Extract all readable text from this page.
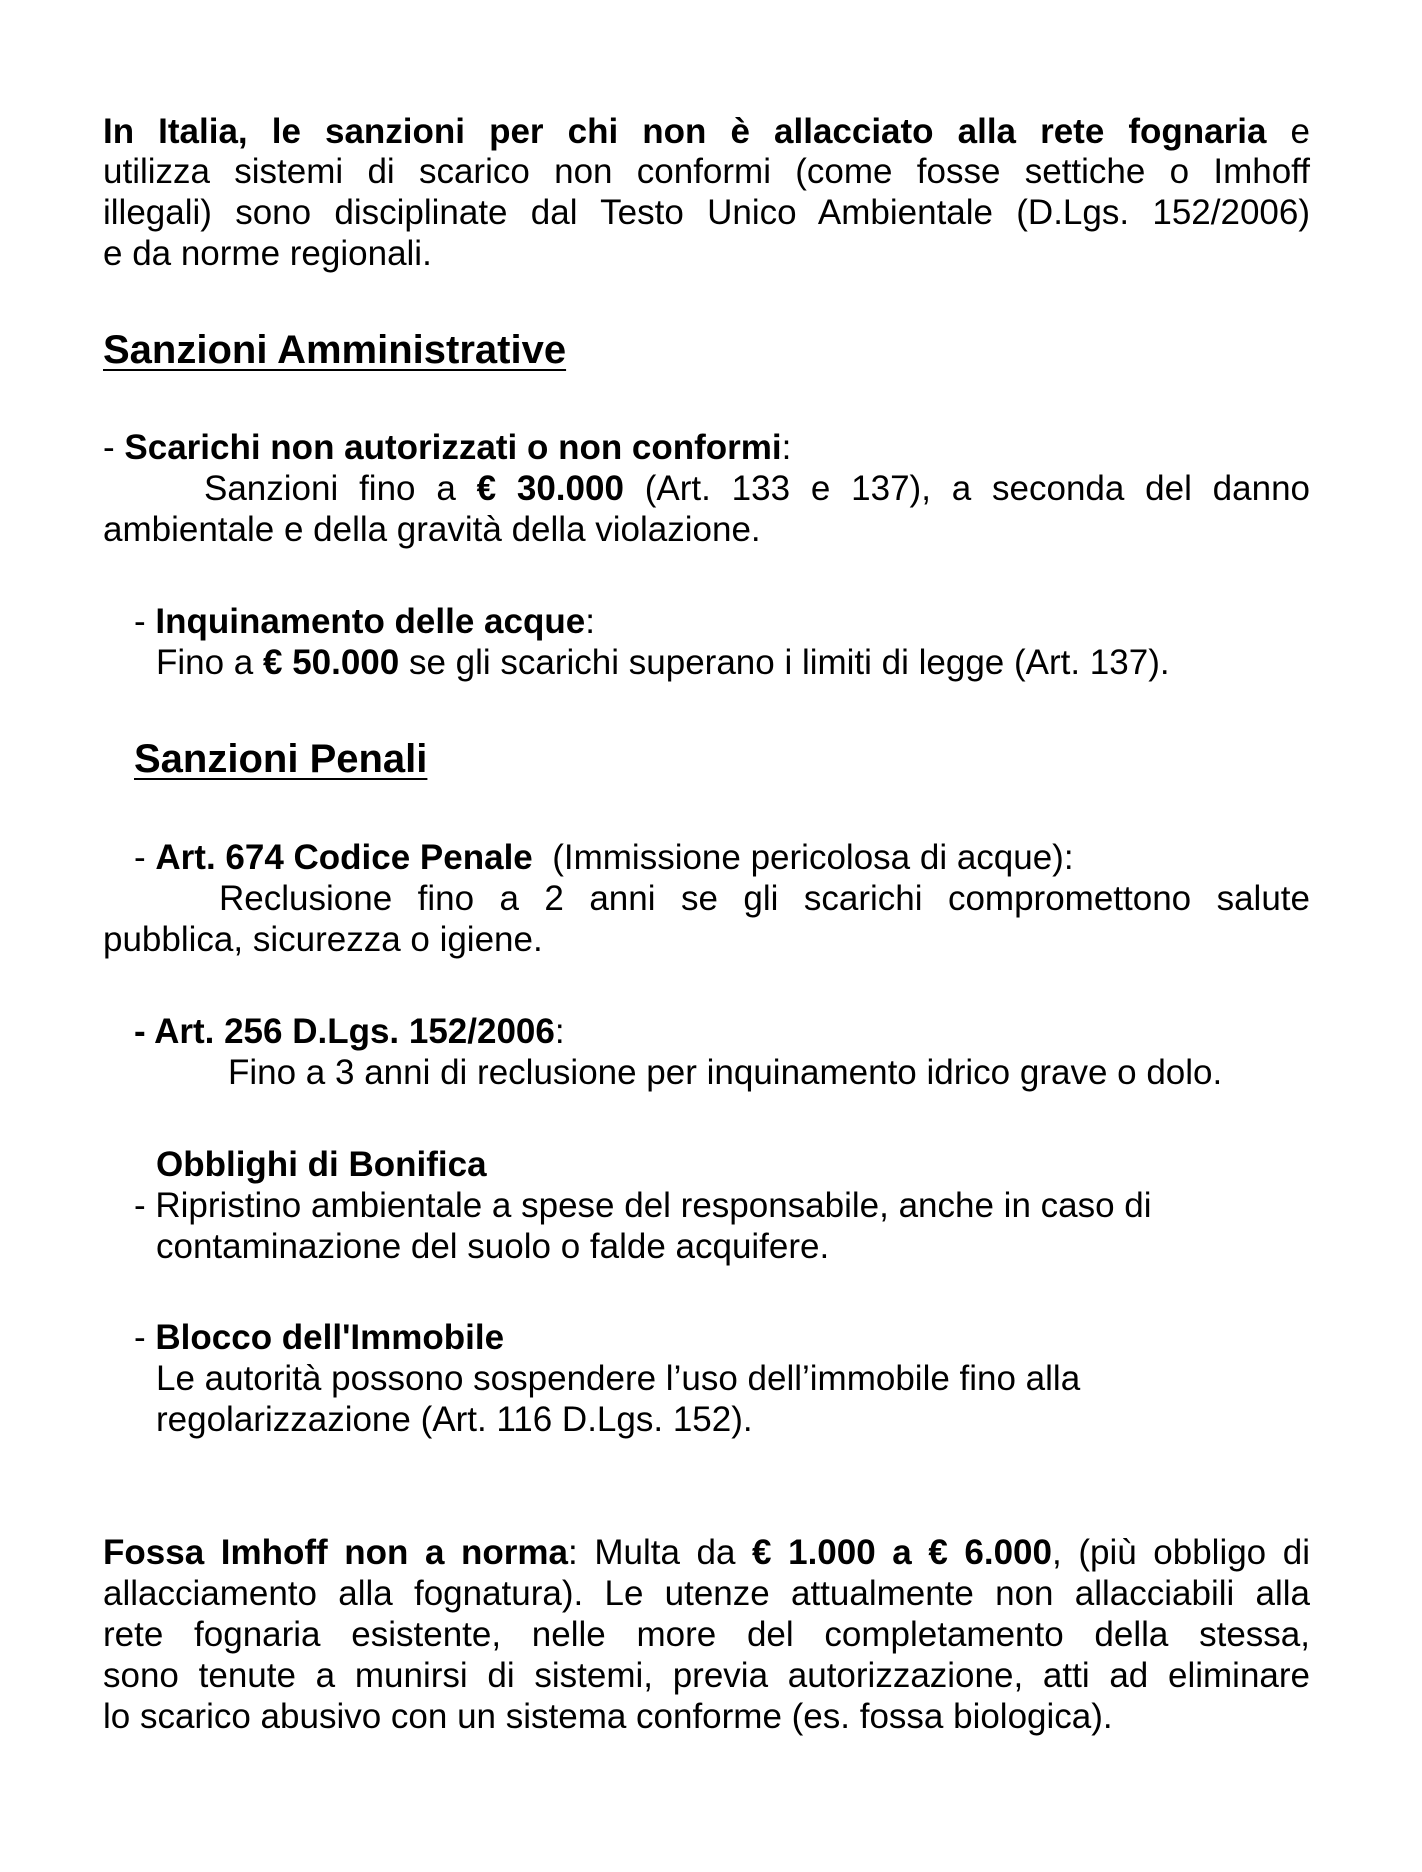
In Italia, le sanzioni per chi non è allacciato alla rete fognaria e
utilizza sistemi di scarico non conformi (come fosse settiche o Imhoff
illegali) sono disciplinate dal Testo Unico Ambientale (D.Lgs. 152/2006)
e da norme regionali.
Sanzioni Amministrative
- Scarichi non autorizzati o non conformi:
Sanzioni fino a € 30.000 (Art. 133 e 137), a seconda del danno
ambientale e della gravità della violazione.
- Inquinamento delle acque:
Fino a € 50.000 se gli scarichi superano i limiti di legge (Art. 137).
Sanzioni Penali
- Art. 674 Codice Penale  (Immissione pericolosa di acque):
Reclusione fino a 2 anni se gli scarichi compromettono salute
pubblica, sicurezza o igiene.
- Art. 256 D.Lgs. 152/2006:
Fino a 3 anni di reclusione per inquinamento idrico grave o dolo.
Obblighi di Bonifica
- Ripristino ambientale a spese del responsabile, anche in caso di
contaminazione del suolo o falde acquifere.
- Blocco dell'Immobile
Le autorità possono sospendere l’uso dell’immobile fino alla
regolarizzazione (Art. 116 D.Lgs. 152).
Fossa Imhoff non a norma: Multa da € 1.000 a € 6.000, (più obbligo di
allacciamento alla fognatura). Le utenze attualmente non allacciabili alla
rete fognaria esistente, nelle more del completamento della stessa,
sono tenute a munirsi di sistemi, previa autorizzazione, atti ad eliminare
lo scarico abusivo con un sistema conforme (es. fossa biologica).
